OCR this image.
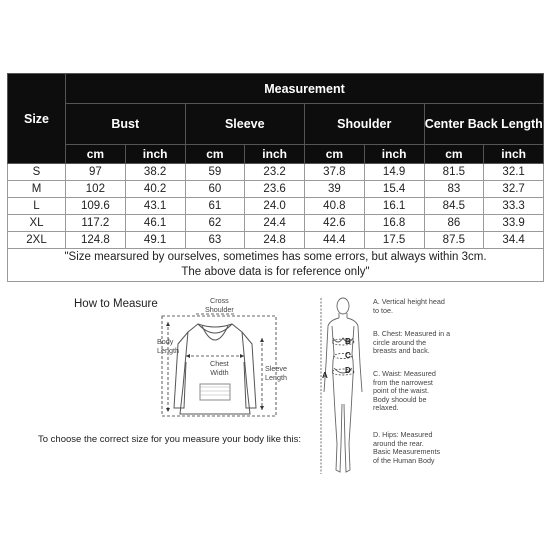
Size	Measurement							
	Bust		Sleeve		Shoulder		Center Back Length	
	cm	inch	cm	inch	cm	inch	cm	inch
S	97	38.2	59	23.2	37.8	14.9	81.5	32.1
M	102	40.2	60	23.6	39	15.4	83	32.7
L	109.6	43.1	61	24.0	40.8	16.1	84.5	33.3
XL	117.2	46.1	62	24.4	42.6	16.8	86	33.9
2XL	124.8	49.1	63	24.8	44.4	17.5	87.5	34.4

"Size mearsured by ourselves, sometimes has some errors, but always within 3cm.
The above data is for reference only"								
How to Measure	Cross
Shoulder
Body
Length
Chest
Width	Sleeve
Length
To choose the correct size for you measure your body like this:
A
B
C
D
A. Vertical height head
to toe.
B. Chest: Measured in a
circle around the
breasts and back.
C. Waist: Measured
from the narrowest
point of the waist.
Body shoould be
relaxed.
D. Hips: Measured
around the rear.
Basic Measurements
of the Human Body
